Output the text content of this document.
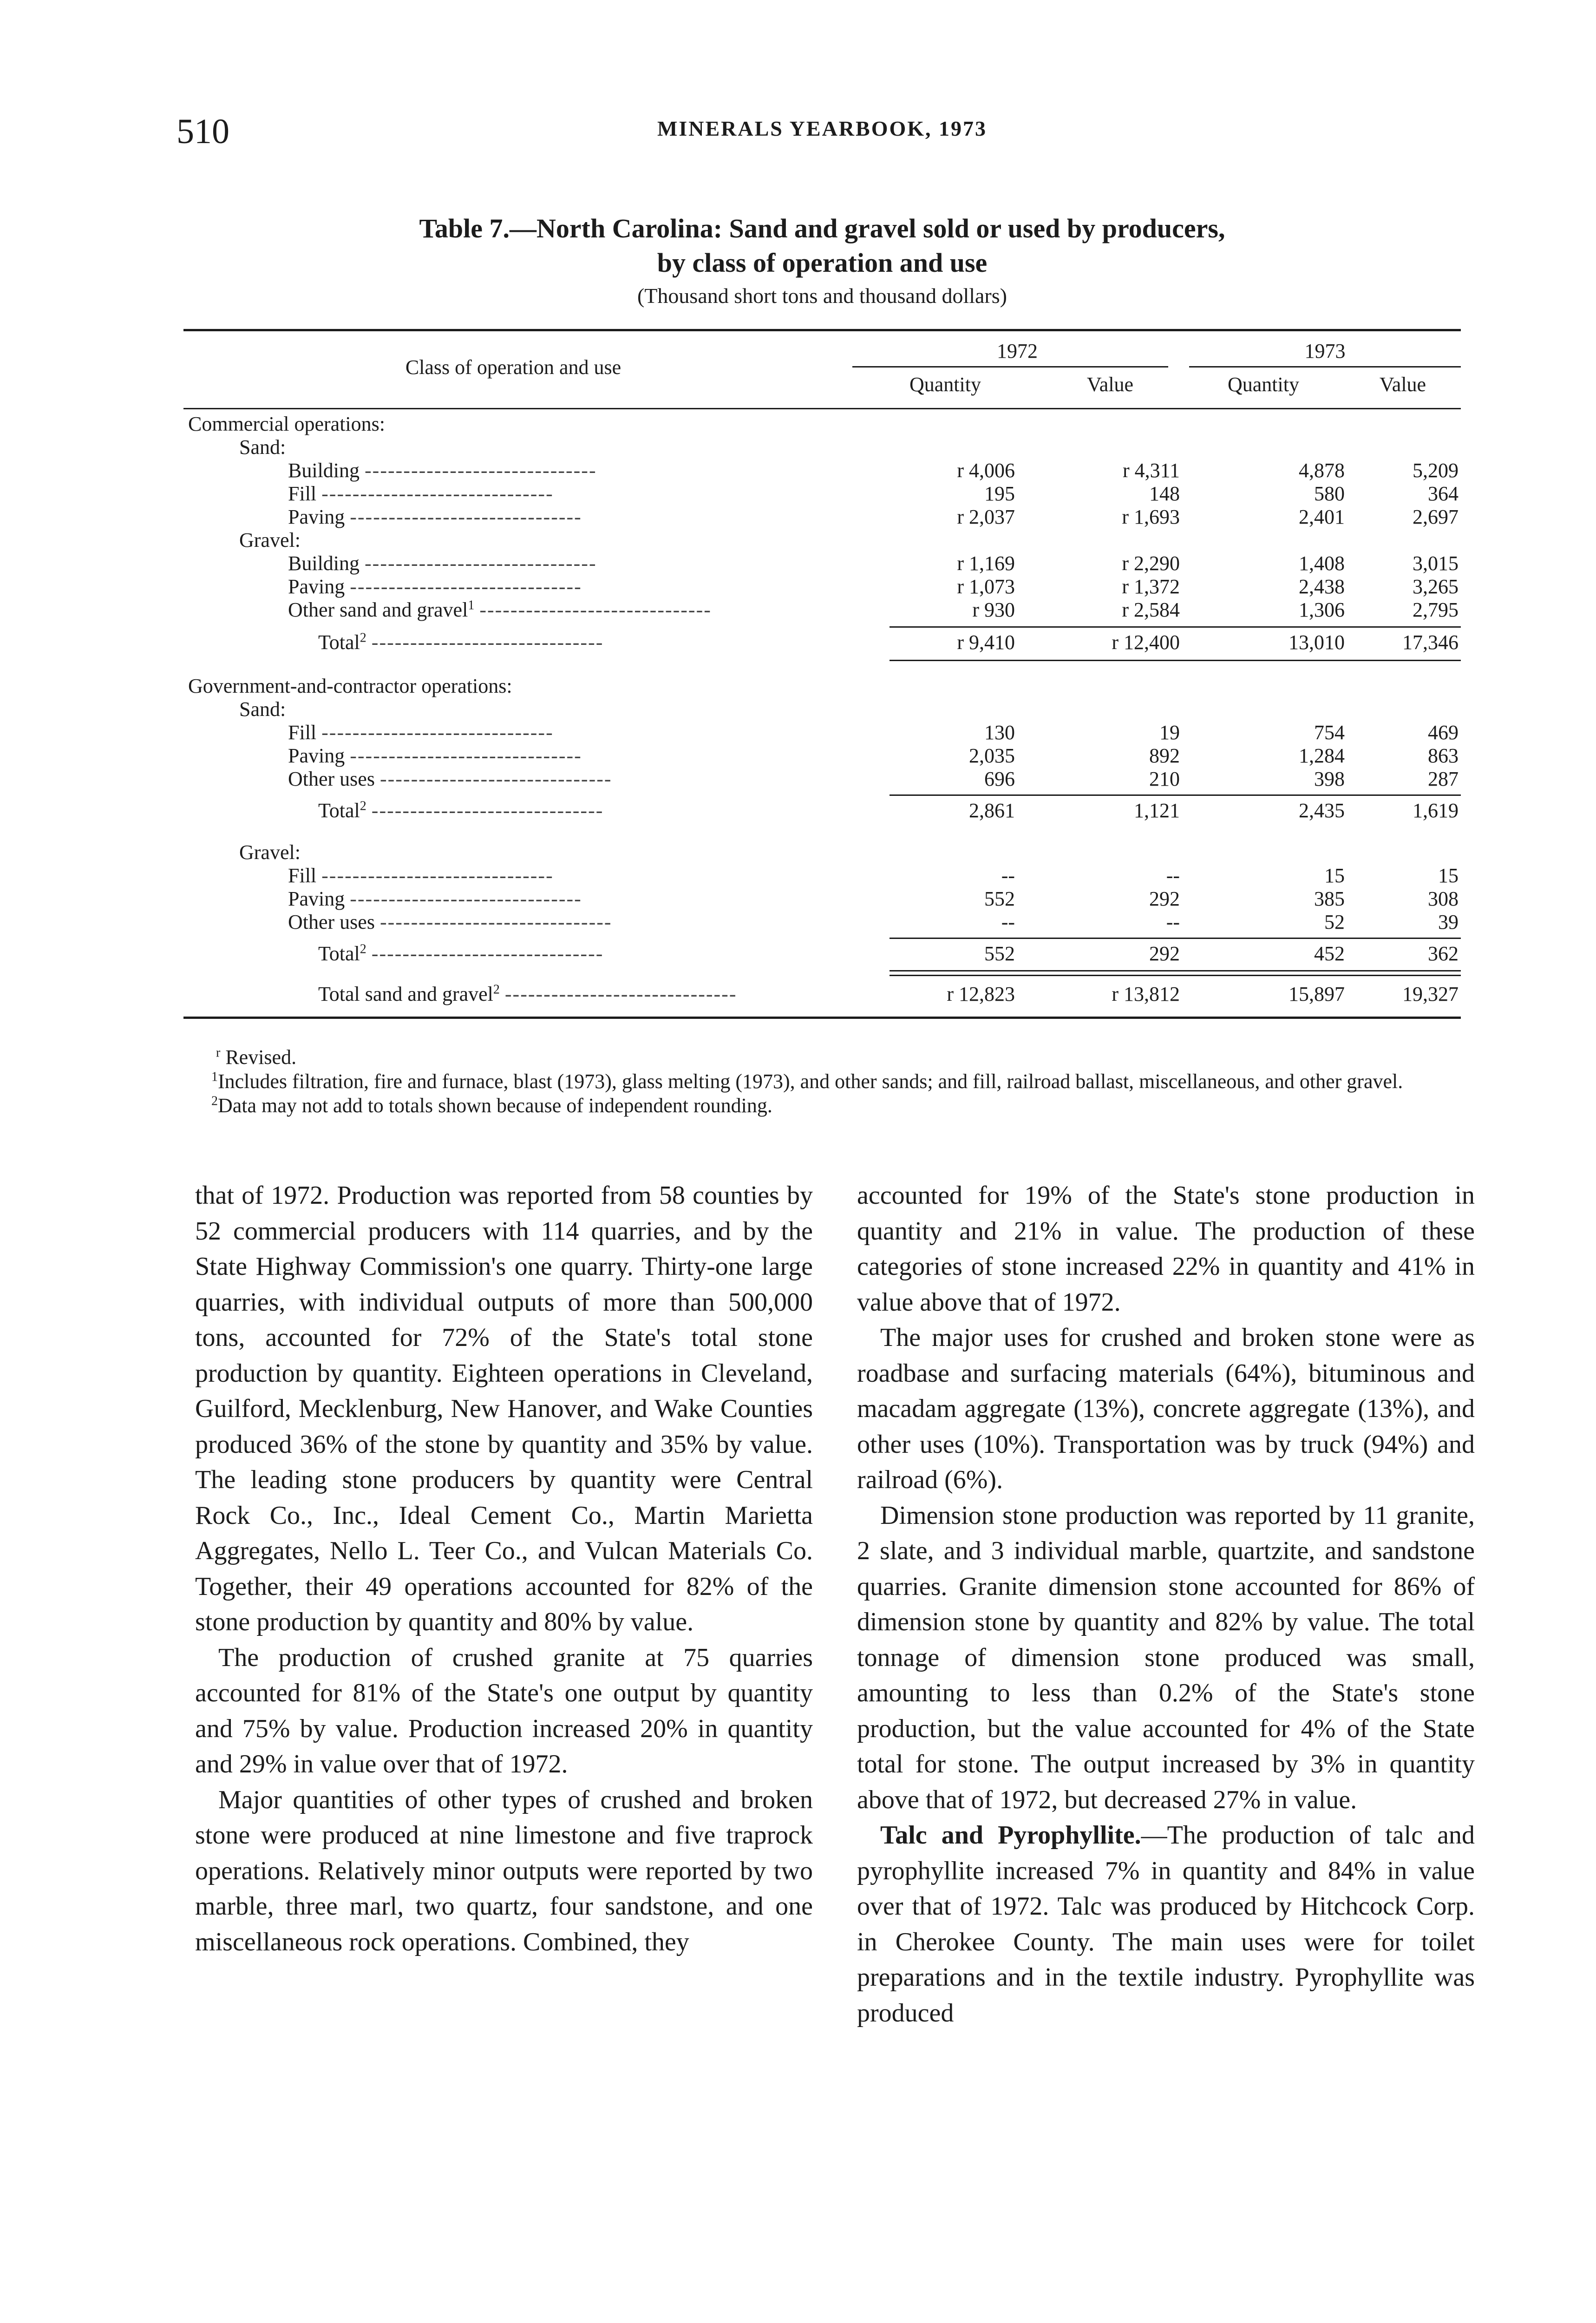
510	MINERALS YEARBOOK, 1973
Table 7.—North Carolina: Sand and gravel sold or used by producers,
by class of operation and use
(Thousand short tons and thousand dollars)
Class of operation and use
1972	1973
Quantity	Value	Quantity	Value
Commercial operations:
Sand:
Building ------------------------------	r 4,006	r 4,311	4,878	5,209
Fill ------------------------------	195	148	580	364
Paving ------------------------------	r 2,037	r 1,693	2,401	2,697
Gravel:
Building ------------------------------	r 1,169	r 2,290	1,408	3,015
Paving ------------------------------	r 1,073	r 1,372	2,438	3,265
Other sand and gravel$^1$ ------------------------------	r 930	r 2,584	1,306	2,795
Total$^2$ ------------------------------	r 9,410	r 12,400	13,010	17,346
Government-and-contractor operations:
Sand:
Fill ------------------------------	130	19	754	469
Paving ------------------------------	2,035	892	1,284	863
Other uses ------------------------------	696	210	398	287
Total$^2$ ------------------------------	2,861	1,121	2,435	1,619
Gravel:
Fill ------------------------------	--	--	15	15
Paving ------------------------------	552	292	385	308
Other uses ------------------------------	--	--	52	39
Total$^2$ ------------------------------	552	292	452	362
Total sand and gravel$^2$ ------------------------------	r 12,823	r 13,812	15,897	19,327

$^r$ Revised.

$^1$Includes filtration, fire and furnace, blast (1973), glass melting (1973), and other sands; and fill, railroad ballast, miscellaneous, and other gravel.

$^2$Data may not add to totals shown because of independent rounding.

that of 1972. Production was reported from 58 counties by 52 commercial producers with 114 quarries, and by the State Highway Commission's one quarry. Thirty-one large quarries, with individual outputs of more than 500,000 tons, accounted for 72% of the State's total stone production by quantity. Eighteen operations in Cleveland, Guilford, Mecklenburg, New Hanover, and Wake Counties produced 36% of the stone by quantity and 35% by value. The leading stone producers by quantity were Central Rock Co., Inc., Ideal Cement Co., Martin Marietta Aggregates, Nello L. Teer Co., and Vulcan Materials Co. Together, their 49 operations accounted for 82% of the stone production by quantity and 80% by value.

The production of crushed granite at 75 quarries accounted for 81% of the State's one output by quantity and 75% by value. Production increased 20% in quantity and 29% in value over that of 1972.

Major quantities of other types of crushed and broken stone were produced at nine limestone and five traprock operations. Relatively minor outputs were reported by two marble, three marl, two quartz, four sandstone, and one miscellaneous rock operations. Combined, they

accounted for 19% of the State's stone production in quantity and 21% in value. The production of these categories of stone increased 22% in quantity and 41% in value above that of 1972.

The major uses for crushed and broken stone were as roadbase and surfacing materials (64%), bituminous and macadam aggregate (13%), concrete aggregate (13%), and other uses (10%). Transportation was by truck (94%) and railroad (6%).

Dimension stone production was reported by 11 granite, 2 slate, and 3 individual marble, quartzite, and sandstone quarries. Granite dimension stone accounted for 86% of dimension stone by quantity and 82% by value. The total tonnage of dimension stone produced was small, amounting to less than 0.2% of the State's stone production, but the value accounted for 4% of the State total for stone. The output increased by 3% in quantity above that of 1972, but decreased 27% in value.

Talc and Pyrophyllite.—The production of talc and pyrophyllite increased 7% in quantity and 84% in value over that of 1972. Talc was produced by Hitchcock Corp. in Cherokee County. The main uses were for toilet preparations and in the textile industry. Pyrophyllite was produced
